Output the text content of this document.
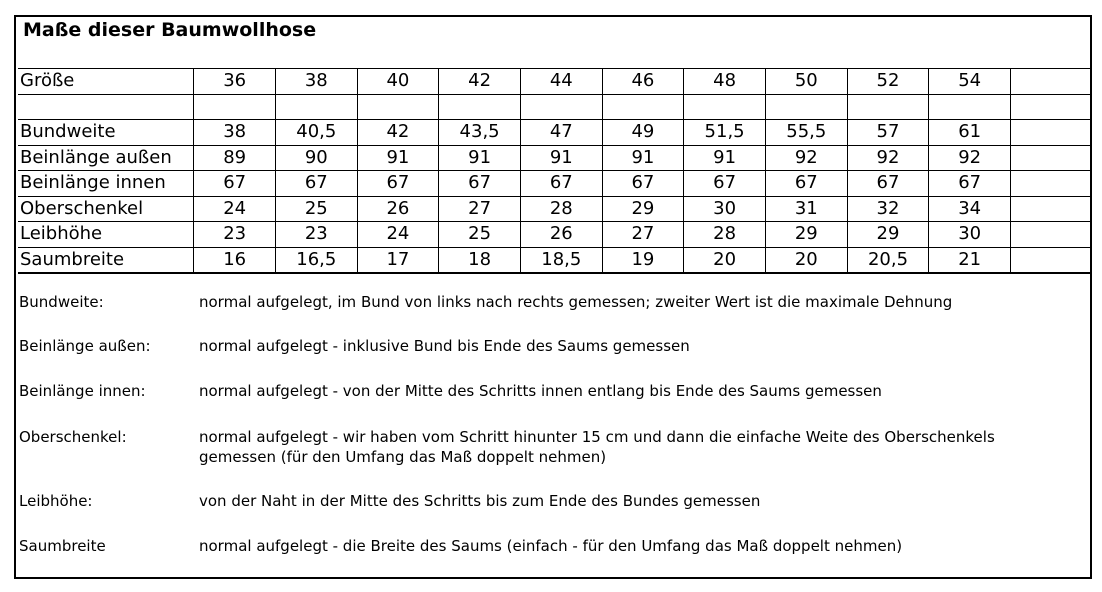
Maße dieser Baumwollhose
Größe	36	38	40	42	44	46	48	50	52	54	

Bundweite	38	40,5	42	43,5	47	49	51,5	55,5	57	61	
Beinlänge außen	89	90	91	91	91	91	91	92	92	92	
Beinlänge innen	67	67	67	67	67	67	67	67	67	67	
Oberschenkel	24	25	26	27	28	29	30	31	32	34	
Leibhöhe	23	23	24	25	26	27	28	29	29	30	
Saumbreite	16	16,5	17	18	18,5	19	20	20	20,5	21	
Bundweite:	normal aufgelegt, im Bund von links nach rechts gemessen; zweiter Wert ist die maximale Dehnung
Beinlänge außen:	normal aufgelegt - inklusive Bund bis Ende des Saums gemessen
Beinlänge innen:	normal aufgelegt - von der Mitte des Schritts innen entlang bis Ende des Saums gemessen
Oberschenkel:	normal aufgelegt - wir haben vom Schritt hinunter 15 cm und dann die einfache Weite des Oberschenkels gemessen (für den Umfang das Maß doppelt nehmen)
Leibhöhe:	von der Naht in der Mitte des Schritts bis zum Ende des Bundes gemessen
Saumbreite	normal aufgelegt - die Breite des Saums (einfach - für den Umfang das Maß doppelt nehmen)
